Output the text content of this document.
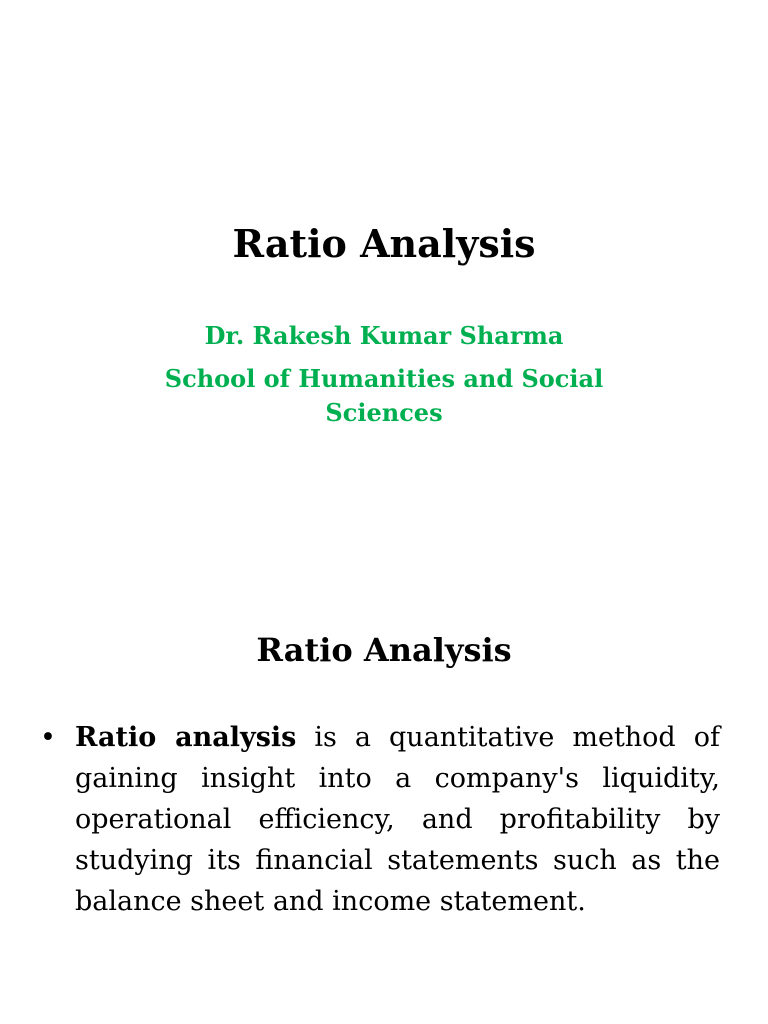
Ratio Analysis
Dr. Rakesh Kumar Sharma
School of Humanities and Social Sciences
Ratio Analysis
• Ratio analysis is a quantitative method of gaining insight into a company's liquidity, operational efficiency, and profitability by studying its financial statements such as the balance sheet and income statement.
